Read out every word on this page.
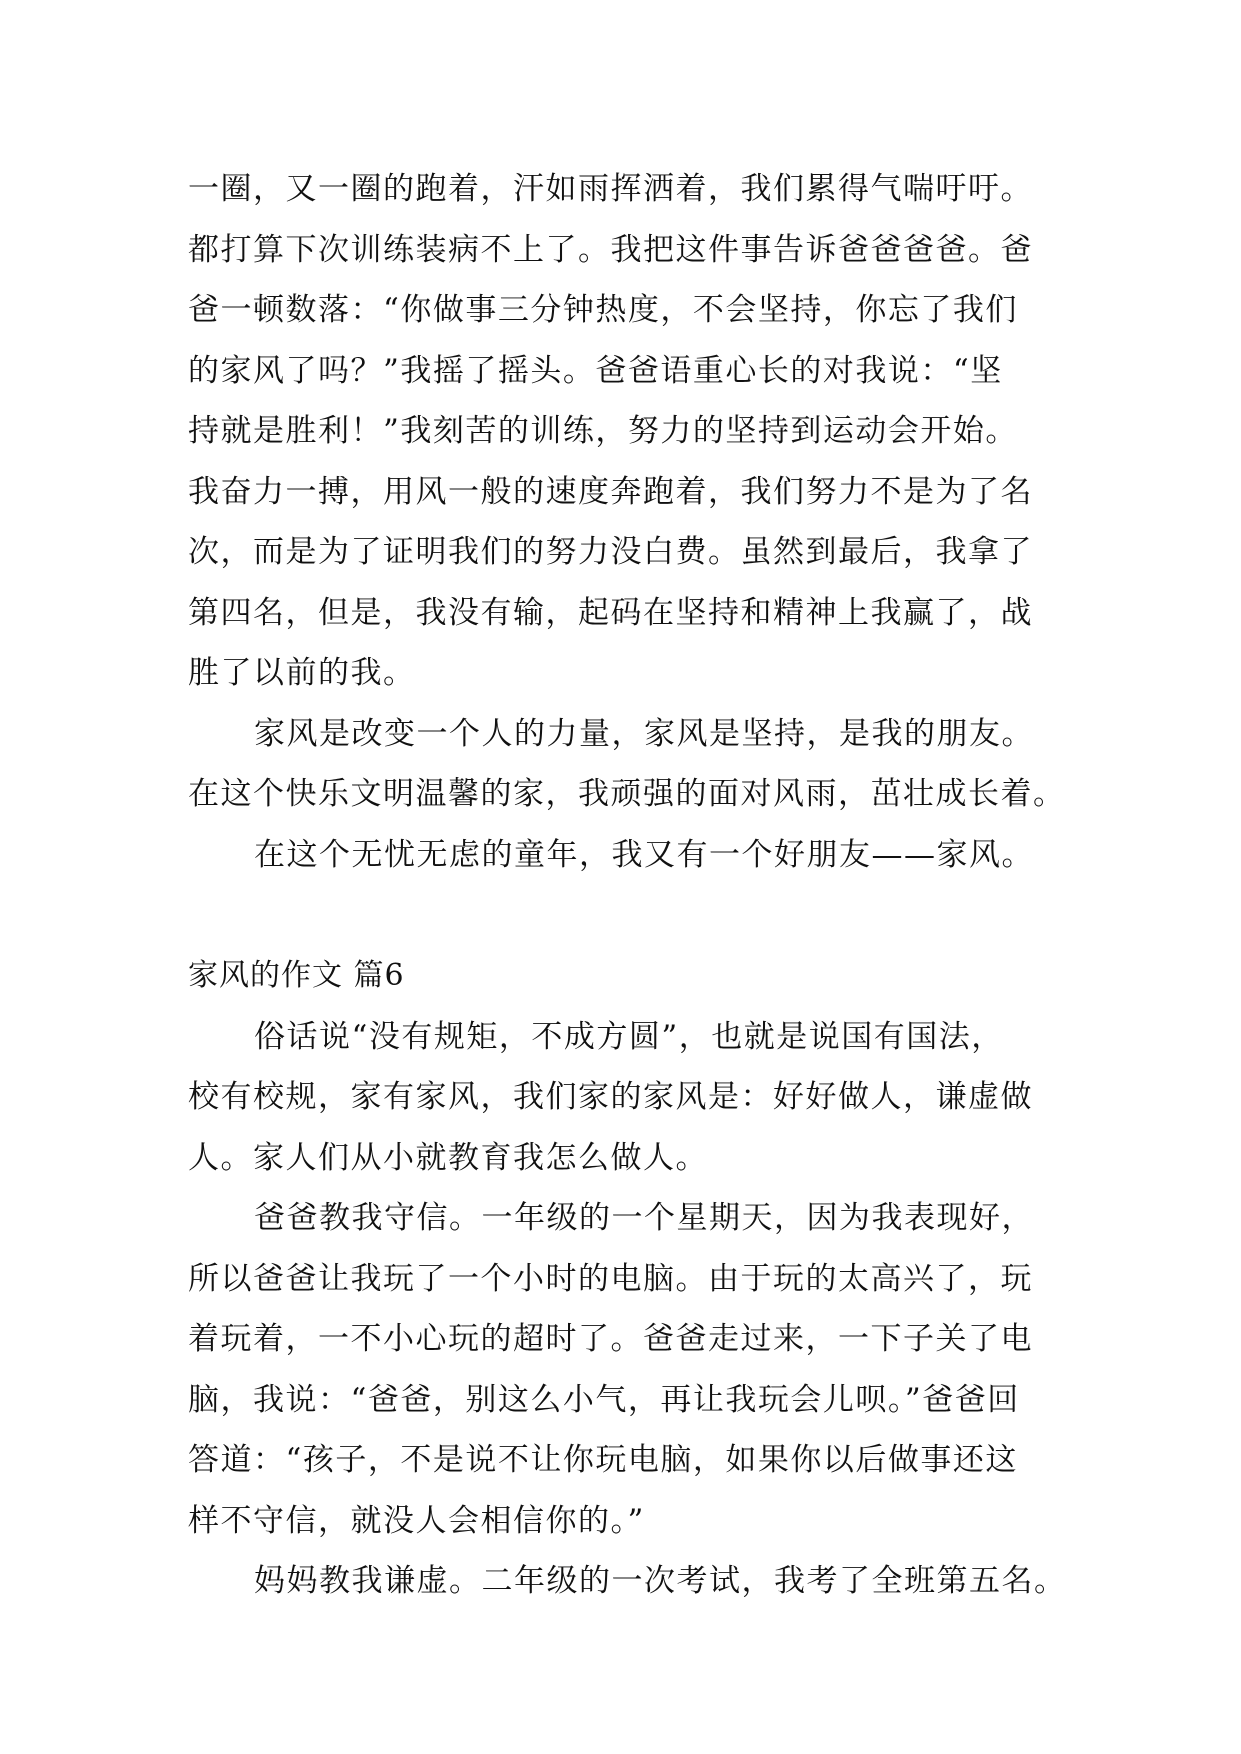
一圈，又一圈的跑着，汗如雨挥洒着，我们累得气喘吁吁。
都打算下次训练装病不上了。我把这件事告诉爸爸爸爸。爸
爸一顿数落：“你做事三分钟热度，不会坚持，你忘了我们
的家风了吗？”我摇了摇头。爸爸语重心长的对我说：“坚
持就是胜利！”我刻苦的训练，努力的坚持到运动会开始。
我奋力一搏，用风一般的速度奔跑着，我们努力不是为了名
次，而是为了证明我们的努力没白费。虽然到最后，我拿了
第四名，但是，我没有输，起码在坚持和精神上我赢了，战
胜了以前的我。
家风是改变一个人的力量，家风是坚持，是我的朋友。
在这个快乐文明温馨的家，我顽强的面对风雨，茁壮成长着。
在这个无忧无虑的童年，我又有一个好朋友——家风。
家风的作文 篇6
俗话说“没有规矩，不成方圆”，也就是说国有国法，
校有校规，家有家风，我们家的家风是：好好做人，谦虚做
人。家人们从小就教育我怎么做人。
爸爸教我守信。一年级的一个星期天，因为我表现好，
所以爸爸让我玩了一个小时的电脑。由于玩的太高兴了，玩
着玩着，一不小心玩的超时了。爸爸走过来，一下子关了电
脑，我说：“爸爸，别这么小气，再让我玩会儿呗。”爸爸回
答道：“孩子，不是说不让你玩电脑，如果你以后做事还这
样不守信，就没人会相信你的。”
妈妈教我谦虚。二年级的一次考试，我考了全班第五名。
